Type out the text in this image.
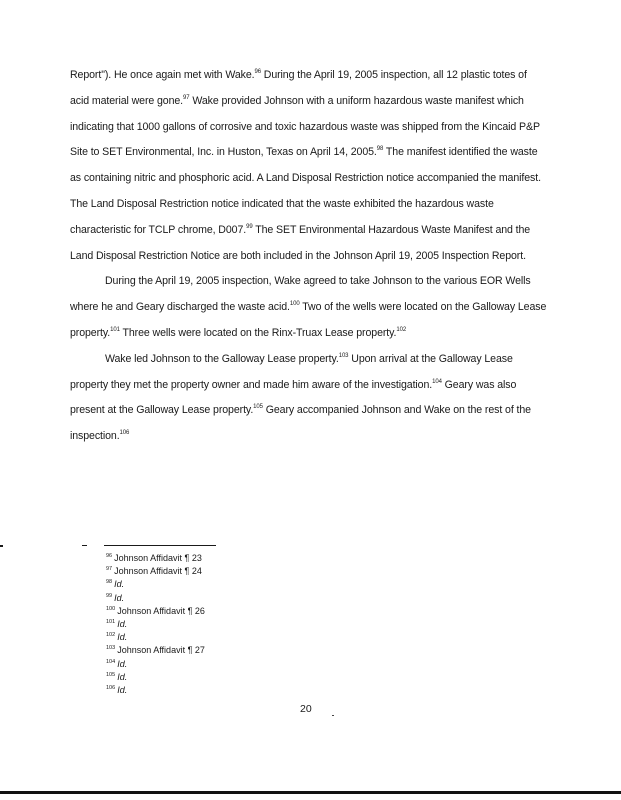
Report"). He once again met with Wake.$^{96}$ During the April 19, 2005 inspection, all 12 plastic totes of acid material were gone.$^{97}$ Wake provided Johnson with a uniform hazardous waste manifest which indicating that 1000 gallons of corrosive and toxic hazardous waste was shipped from the Kincaid P&P Site to SET Environmental, Inc. in Huston, Texas on April 14, 2005.98 The manifest identified the waste as containing nitric and phosphoric acid. A Land Disposal Restriction notice accompanied the manifest. The Land Disposal Restriction notice indicated that the waste exhibited the hazardous waste characteristic for TCLP chrome, D007.99 The SET Environmental Hazardous Waste Manifest and the Land Disposal Restriction Notice are both included in the Johnson April 19, 2005 Inspection Report.

During the April 19, 2005 inspection, Wake agreed to take Johnson to the various EOR Wells where he and Geary discharged the waste acid.$^{100}$ Two of the wells were located on the Galloway Lease property.$^{101}$ Three wells were located on the Rinx-Truax Lease property.$^{102}$

Wake led Johnson to the Galloway Lease property.$^{103}$ Upon arrival at the Galloway Lease property they met the property owner and made him aware of the investigation.$^{104}$ Geary was also present at the Galloway Lease property.$^{105}$ Geary accompanied Johnson and Wake on the rest of the inspection.$^{106}$

$^{96}$ Johnson Affidavit ¶ 23
$^{97}$ Johnson Affidavit ¶ 24
$^{98}$ Id.
$^{99}$ Id.
$^{100}$ Johnson Affidavit ¶ 26
$^{101}$ Id.
$^{102}$ Id.
$^{103}$ Johnson Affidavit ¶ 27
$^{104}$ Id.
$^{105}$ Id.
$^{106}$ Id.
20
